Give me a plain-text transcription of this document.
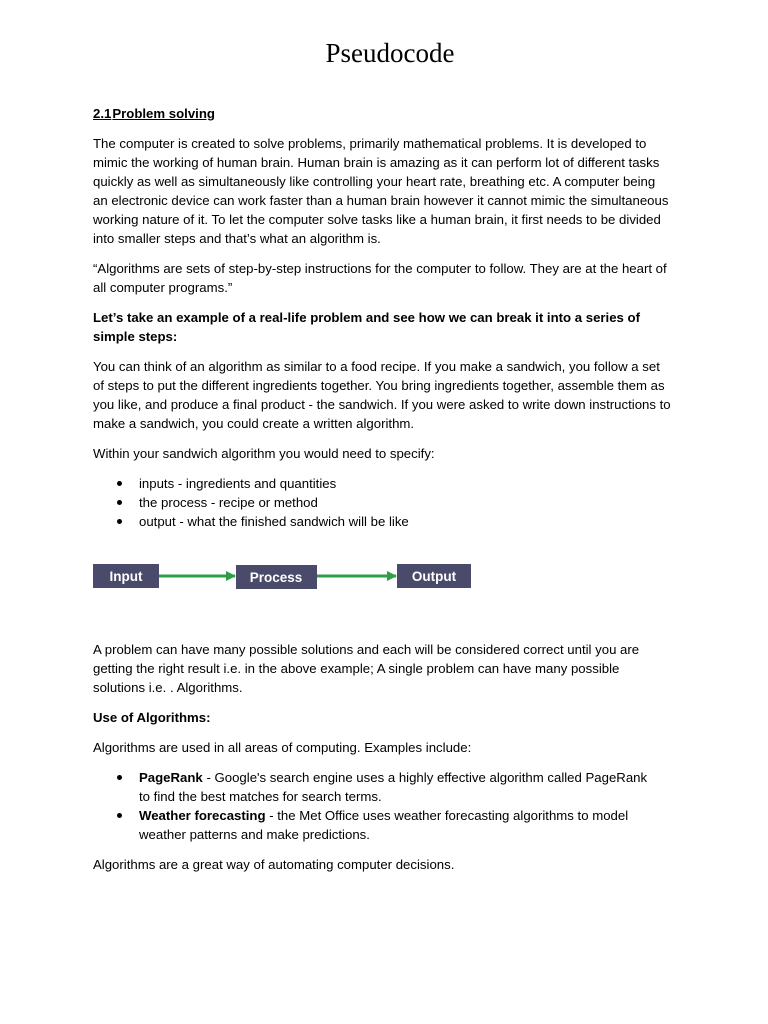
Pseudocode
2.1Problem solving

The computer is created to solve problems, primarily mathematical problems. It is developed to mimic the working of human brain. Human brain is amazing as it can perform lot of different tasks quickly as well as simultaneously like controlling your heart rate, breathing etc. A computer being an electronic device can work faster than a human brain however it cannot mimic the simultaneous working nature of it. To let the computer solve tasks like a human brain, it first needs to be divided into smaller steps and that’s what an algorithm is.

“Algorithms are sets of step-by-step instructions for the computer to follow. They are at the heart of all computer programs.”

Let’s take an example of a real-life problem and see how we can break it into a series of simple steps:

You can think of an algorithm as similar to a food recipe. If you make a sandwich, you follow a set of steps to put the different ingredients together. You bring ingredients together, assemble them as you like, and produce a final product - the sandwich. If you were asked to write down instructions to make a sandwich, you could create a written algorithm.

Within your sandwich algorithm you would need to specify:

inputs - ingredients and quantities
the process - recipe or method
output - what the finished sandwich will be like
Input	Process	Output

A problem can have many possible solutions and each will be considered correct until you are getting the right result i.e. in the above example; A single problem can have many possible solutions i.e. . Algorithms.

Use of Algorithms:

Algorithms are used in all areas of computing. Examples include:

PageRank - Google's search engine uses a highly effective algorithm called PageRank to find the best matches for search terms.
Weather forecasting - the Met Office uses weather forecasting algorithms to model weather patterns and make predictions.

Algorithms are a great way of automating computer decisions.
